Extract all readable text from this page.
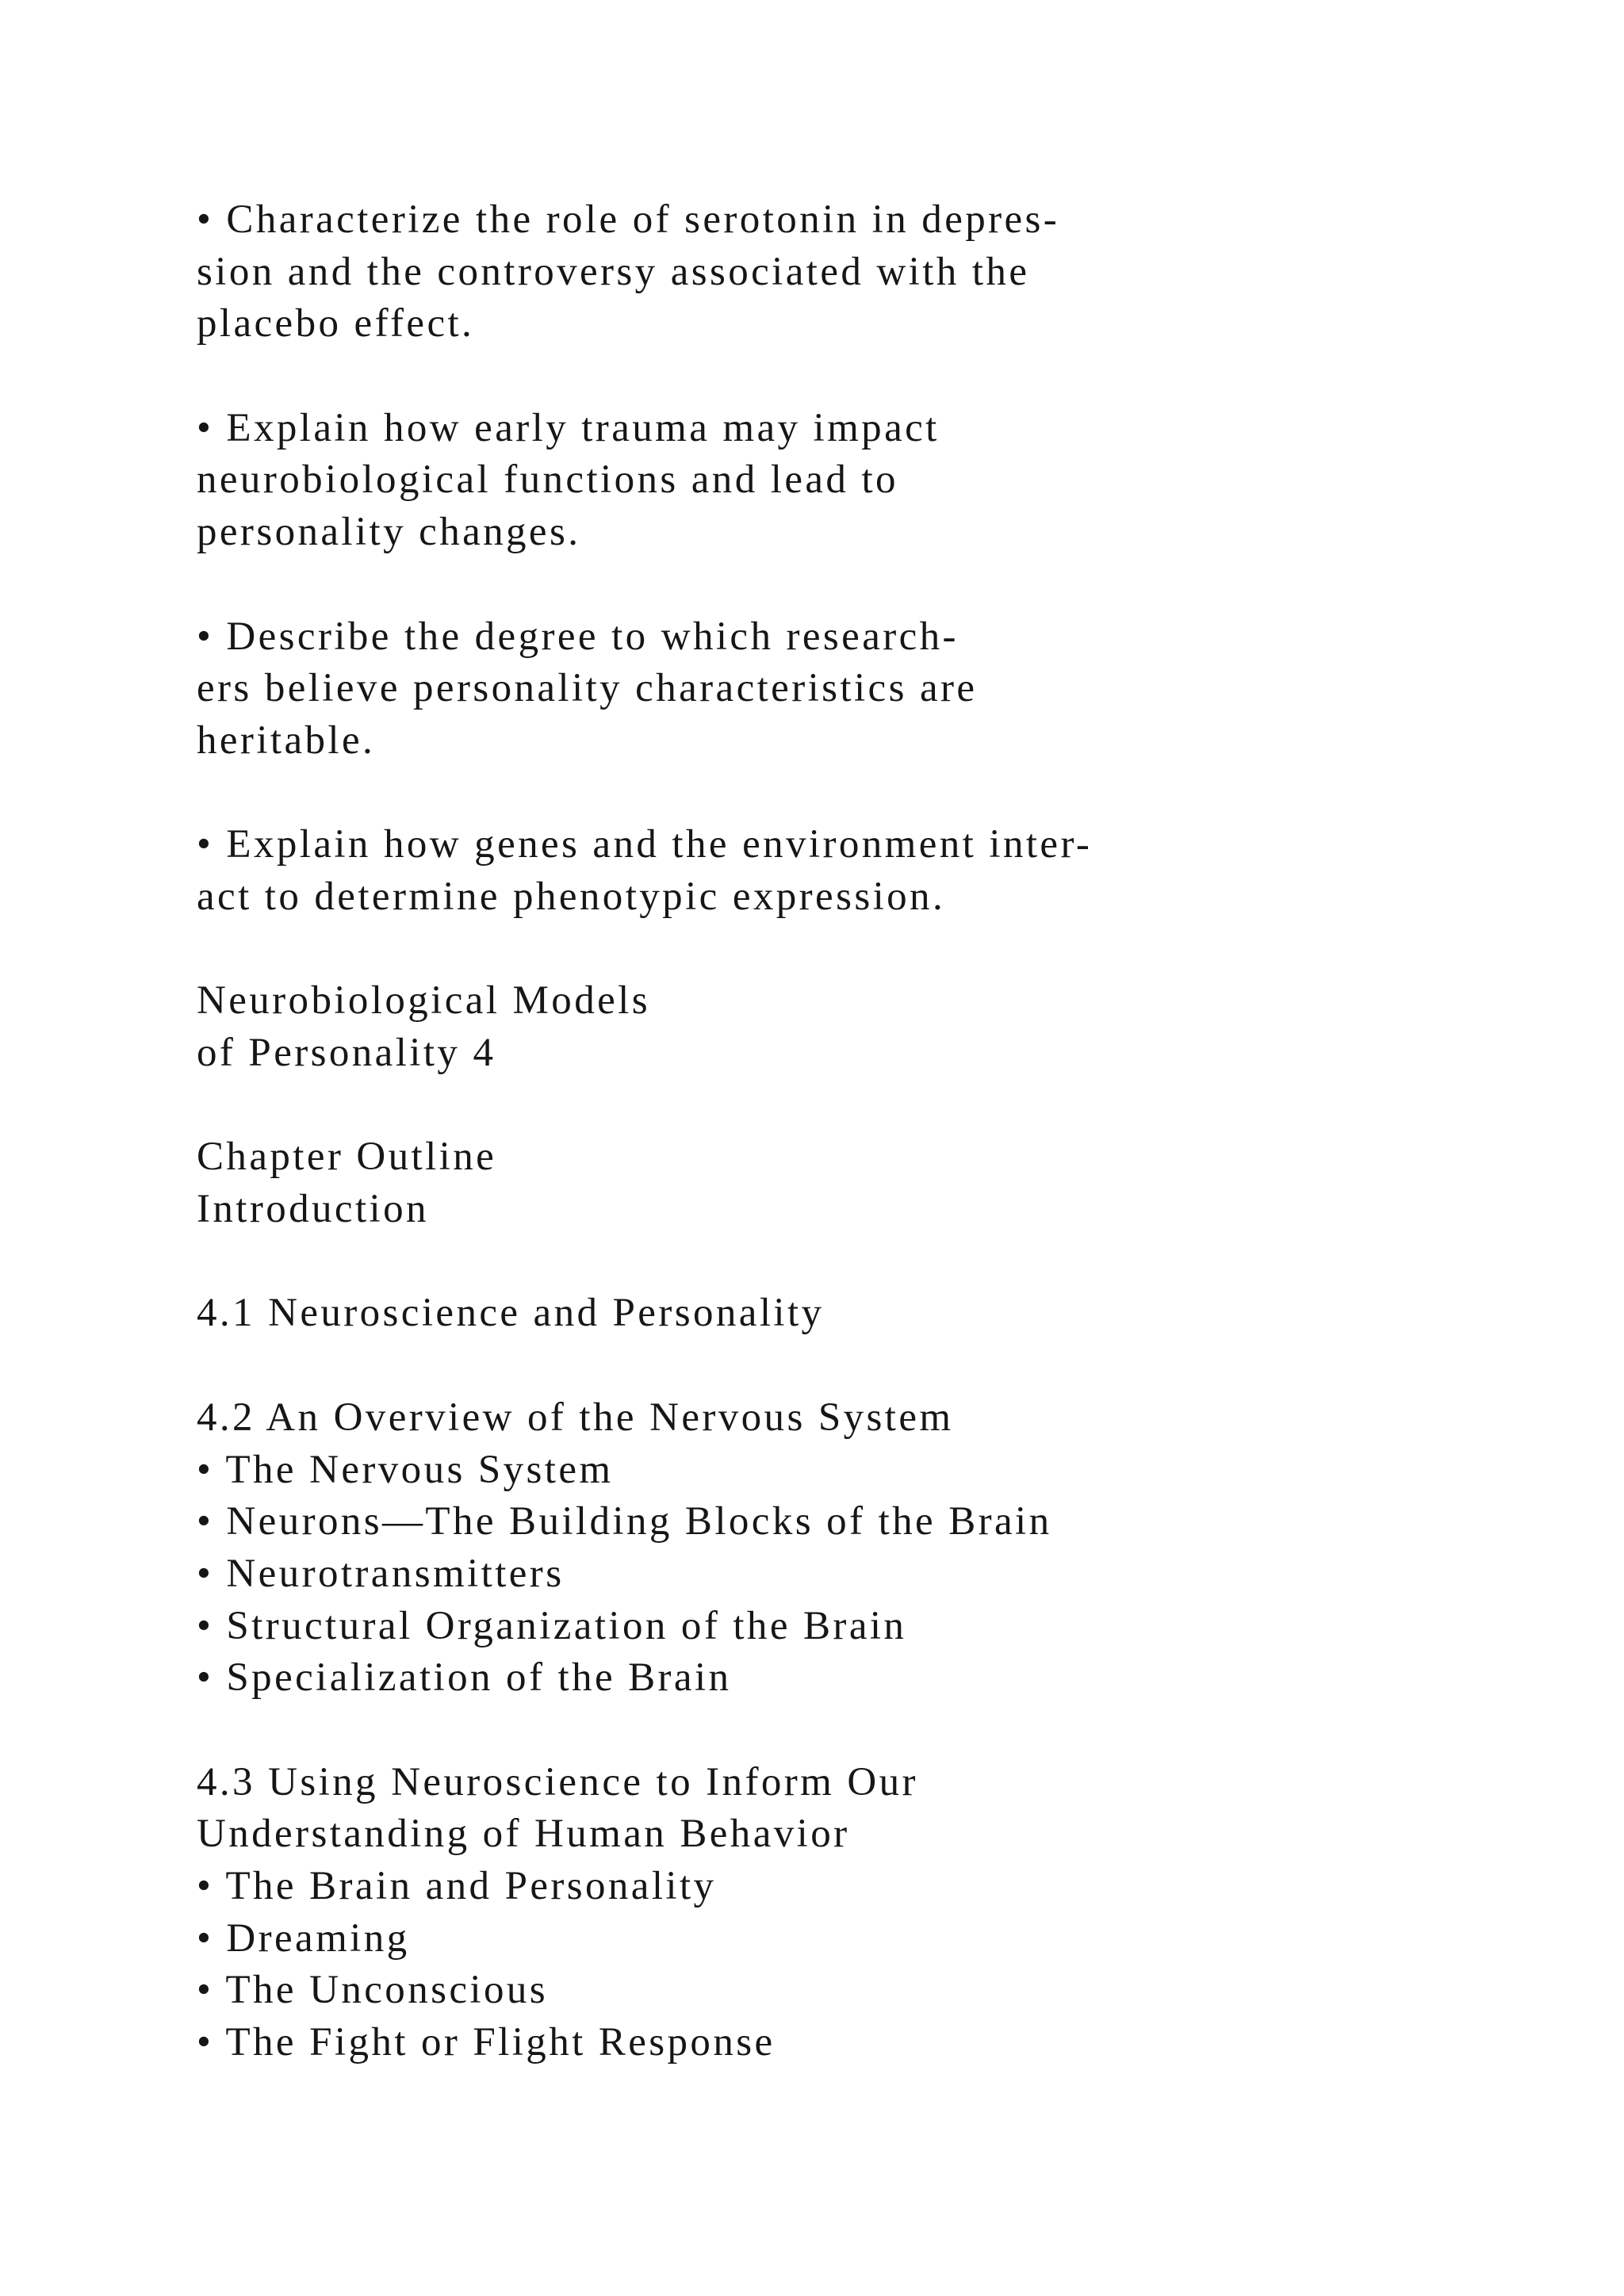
• Characterize the role of serotonin in depres-
sion and the controversy associated with the
placebo effect.
• Explain how early trauma may impact
neurobiological functions and lead to
personality changes.
• Describe the degree to which research-
ers believe personality characteristics are
heritable.
• Explain how genes and the environment inter-
act to determine phenotypic expression.
Neurobiological Models
of Personality 4
Chapter Outline
Introduction
4.1 Neuroscience and Personality
4.2 An Overview of the Nervous System
• The Nervous System
• Neurons—The Building Blocks of the Brain
• Neurotransmitters
• Structural Organization of the Brain
• Specialization of the Brain
4.3 Using Neuroscience to Inform Our
Understanding of Human Behavior
• The Brain and Personality
• Dreaming
• The Unconscious
• The Fight or Flight Response
